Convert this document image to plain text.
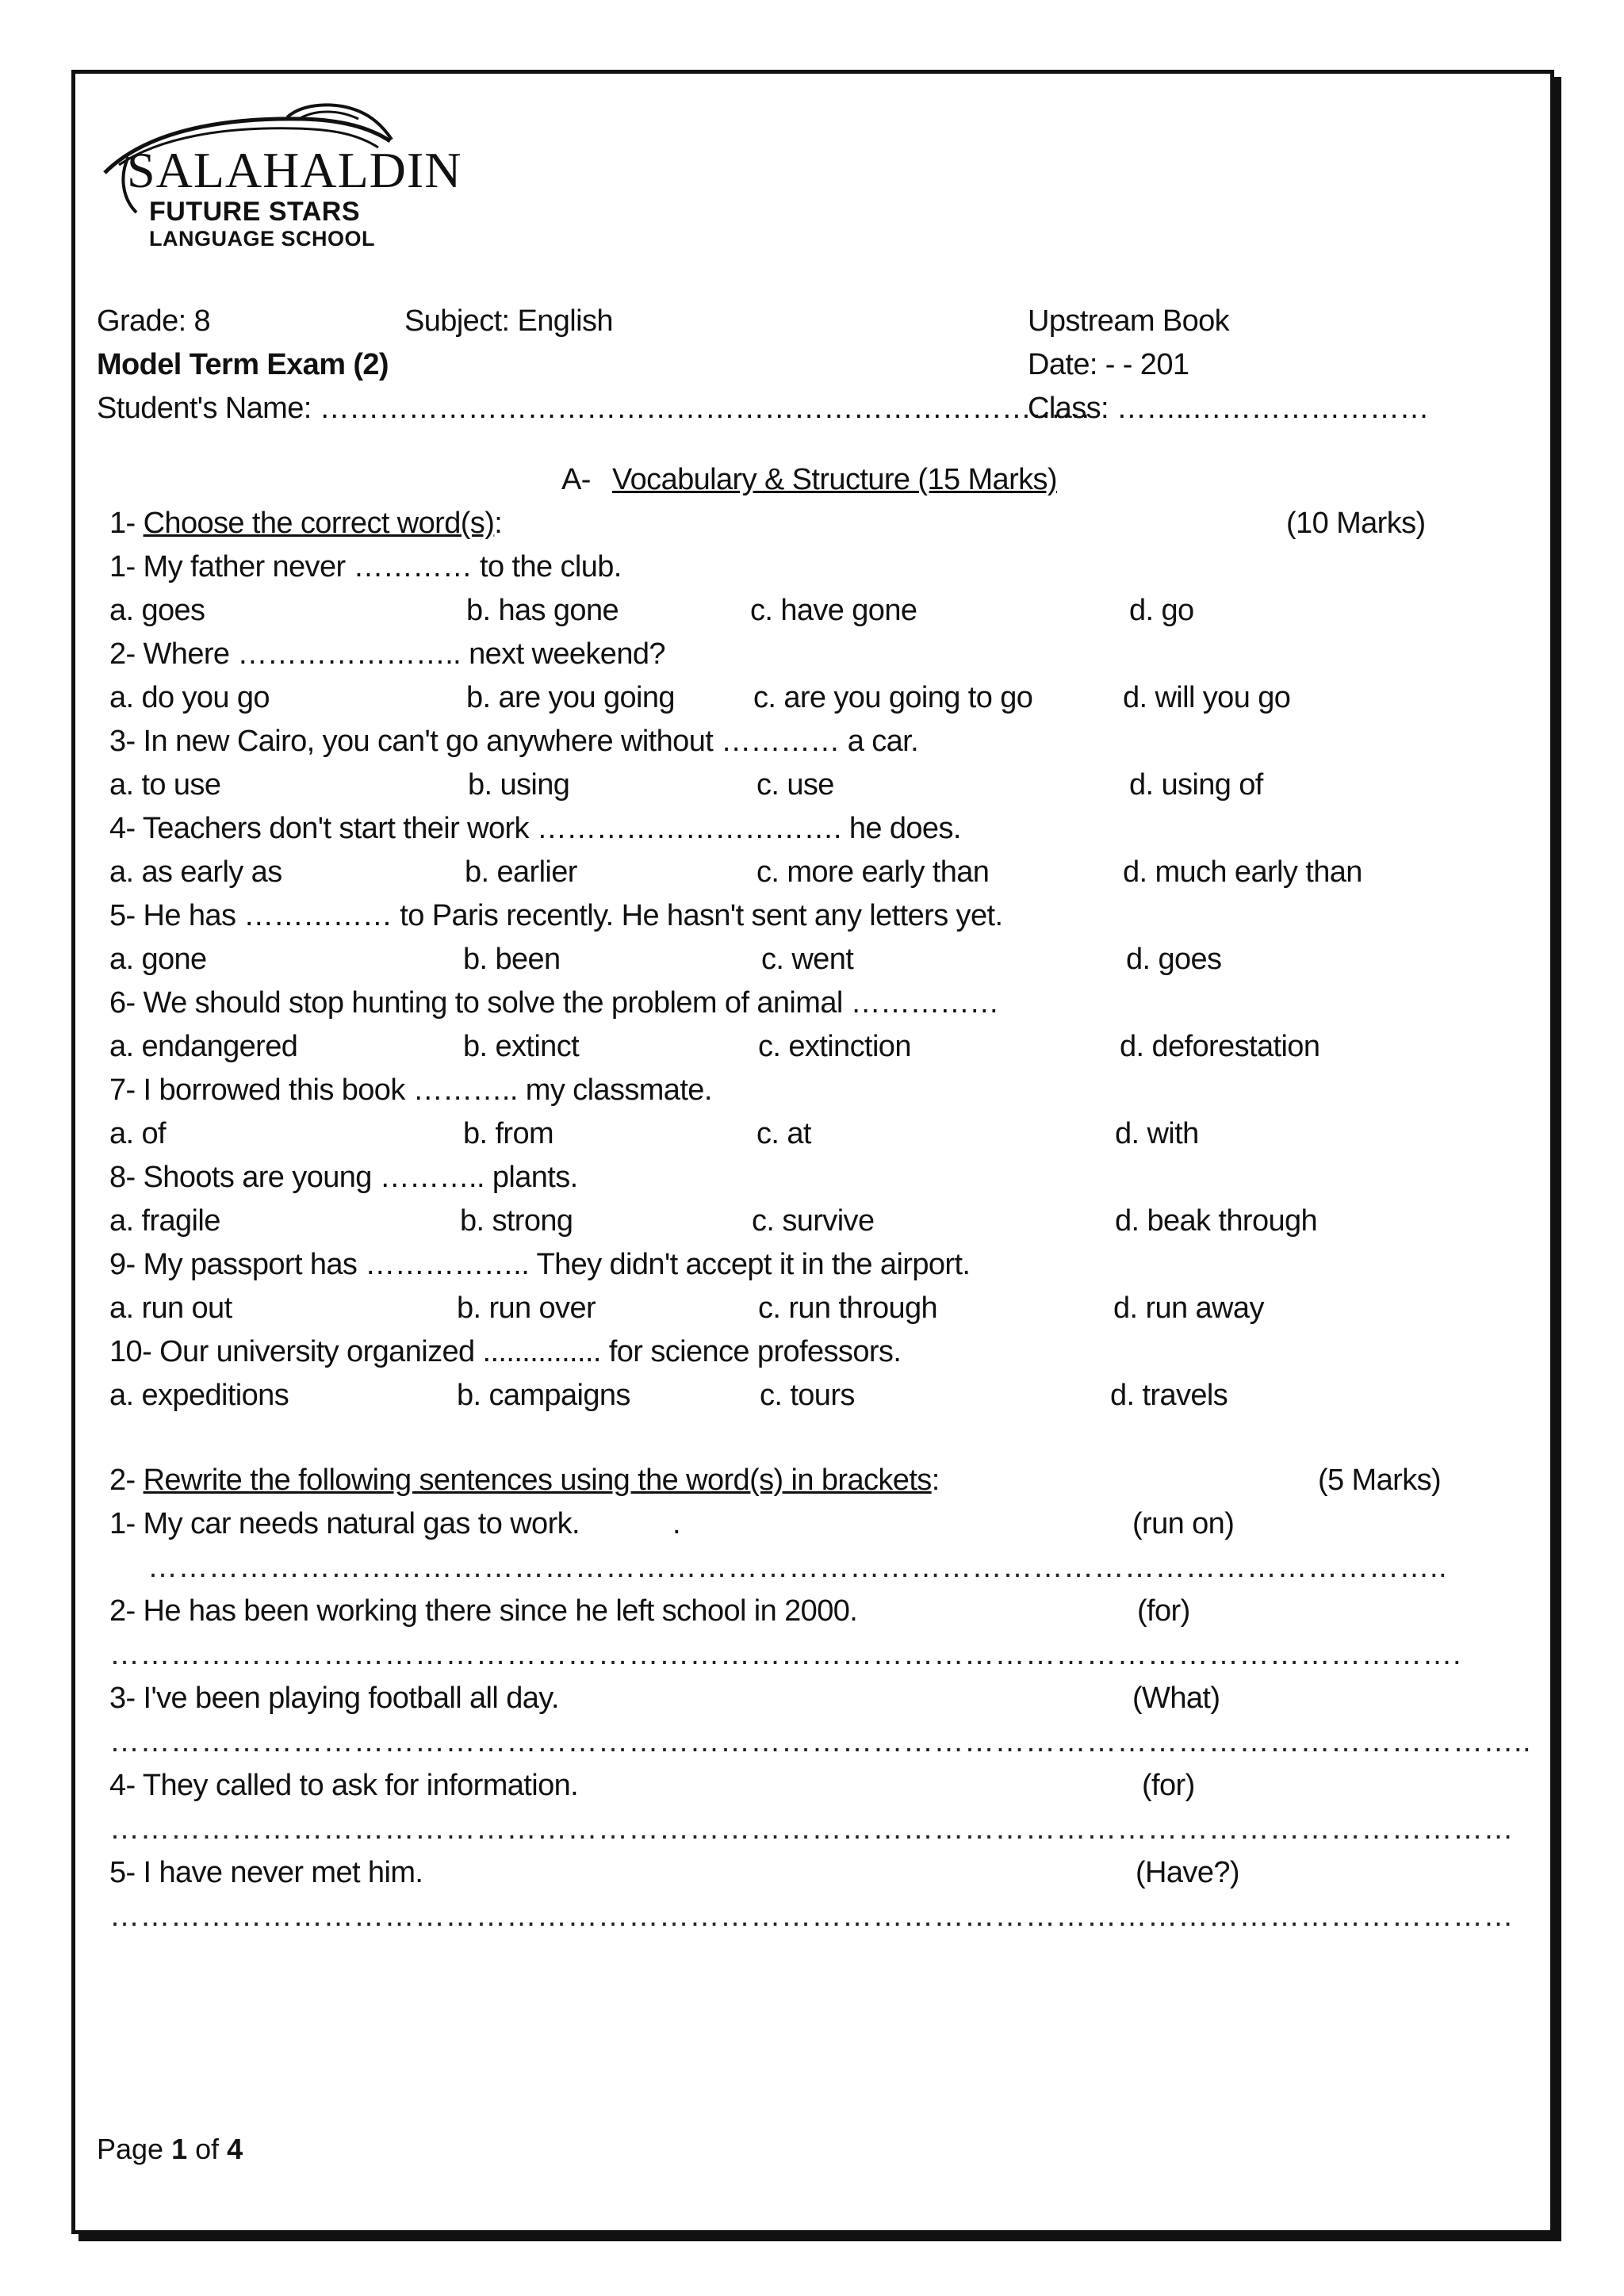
SALAHALDIN
FUTURE STARS
LANGUAGE SCHOOL
Grade: 8	Subject: English	Upstream Book
Model Term Exam (2)	Date: - - 201
Student's Name: ……………………………………………………………………
Class: ……..……………………
A- Vocabulary & Structure (15 Marks)
1- Choose the correct word(s):	(10 Marks)
1- My father never ………… to the club.
a. goes	b. has gone	c. have gone	d. go
2- Where ………………….. next weekend?
a. do you go	b. are you going	c. are you going to go	d. will you go
3- In new Cairo, you can't go anywhere without ………… a car.
a. to use	b. using	c. use	d. using of
4- Teachers don't start their work …………………………. he does.
a. as early as	b. earlier	c. more early than	d. much early than
5- He has …………… to Paris recently. He hasn't sent any letters yet.
a. gone	b. been	c. went	d. goes
6- We should stop hunting to solve the problem of animal ……………
a. endangered	b. extinct	c. extinction	d. deforestation
7- I borrowed this book ……….. my classmate.
a. of	b. from	c. at	d. with
8- Shoots are young ……….. plants.
a. fragile	b. strong	c. survive	d. beak through
9- My passport has …………….. They didn't accept it in the airport.
a. run out	b. run over	c. run through	d. run away
10- Our university organized ............... for science professors.
a. expeditions	b. campaigns	c. tours	d. travels
2- Rewrite the following sentences using the word(s) in brackets:	(5 Marks)
1- My car needs natural gas to work.	.	(run on)
………………………………………………………………………………………………………………..
2- He has been working there since he left school in 2000.	(for)
…………………………………………………………………………………………………………………….
3- I've been playing football all day.	(What)
…………………………………………………………………………………………………………………………..
4- They called to ask for information.	(for)
…………………………………………………………………………………………………………………………
5- I have never met him.	(Have?)
…………………………………………………………………………………………………………………………
Page 1 of 4
